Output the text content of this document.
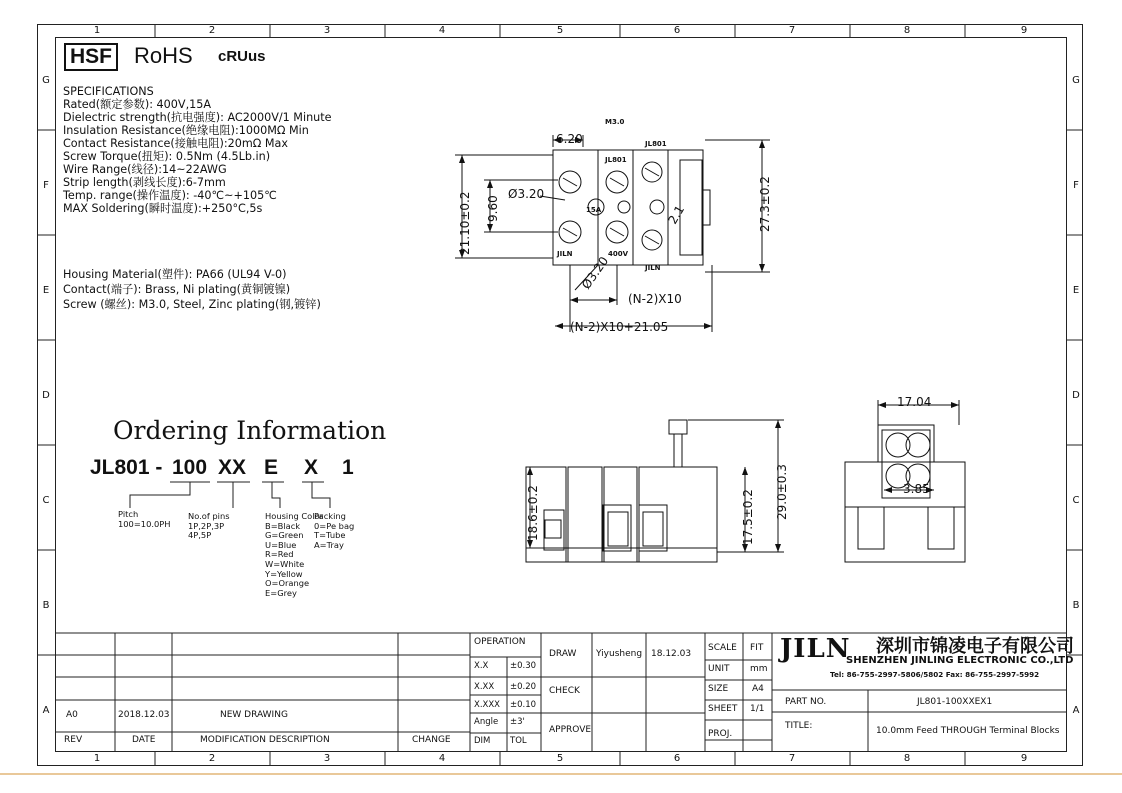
HSF RoHS cRUus
SPECIFICATIONS
Ordering Information
JL801 - 100 XX E X 1
Pitch
100=10.0PH
No.of pins
1P,2P,3P
4P,5P
Housing Color
B=Black
G=Green
U=Blue
R=Red
W=White
Y=Yellow
O=Orange
E=Grey
Packing
0=Pe bag
T=Tube
A=Tray
6.20
M3.0
JL801
JL801
15A
400V
JILN
JILN
Ø3.20
Ø3.20
2.1
21.10±0.2 9.60	27.3±0.2
(N-2)X10
(N-2)X10+21.05
18.6±0.2	17.5±0.2 29.0±0.3
17.04
3.85
JILN 深圳市锦凌电子有限公司
SHENZHEN JINLING ELECTRONIC CO.,LTD
Tel: 86-755-2997-5806/5802 Fax: 86-755-2997-5992
1
1
2
2
3
3
4
4
5
5
6
6
7
7
8
8
9
9
G	G
F	F
E	E
D	D
C	C
B	B
A	A
Rated(额定参数): 400V,15A
Dielectric strength(抗电强度): AC2000V/1 Minute
Insulation Resistance(绝缘电阻):1000MΩ Min
Contact Resistance(接触电阻):20mΩ Max
Screw Torque(扭矩): 0.5Nm (4.5Lb.in)
Wire Range(线径):14~22AWG
Strip length(剥线长度):6-7mm
Temp. range(操作温度): -40℃~+105℃
MAX Soldering(瞬时温度):+250°C,5s
Housing Material(塑件): PA66 (UL94 V-0)
Contact(端子): Brass, Ni plating(黄铜镀镍)
Screw (螺丝): M3.0, Steel, Zinc plating(钢,镀锌)
OPERATION
DRAW Yiyusheng 18.12.03
SCALE FIT
UNIT mm
SIZE	A4
SHEET 1/1
PROJ.
CHECK
APPROVE
REV	DATE	MODIFICATION DESCRIPTION	CHANGE
PART NO.	JL801-100XXEX1
TITLE:	10.0mm Feed THROUGH Terminal Blocks
X.X	±0.30
X.XX ±0.20
X.XXX ±0.10
Angle ±3'
DIM TOL
A0	2018.12.03	NEW DRAWING
